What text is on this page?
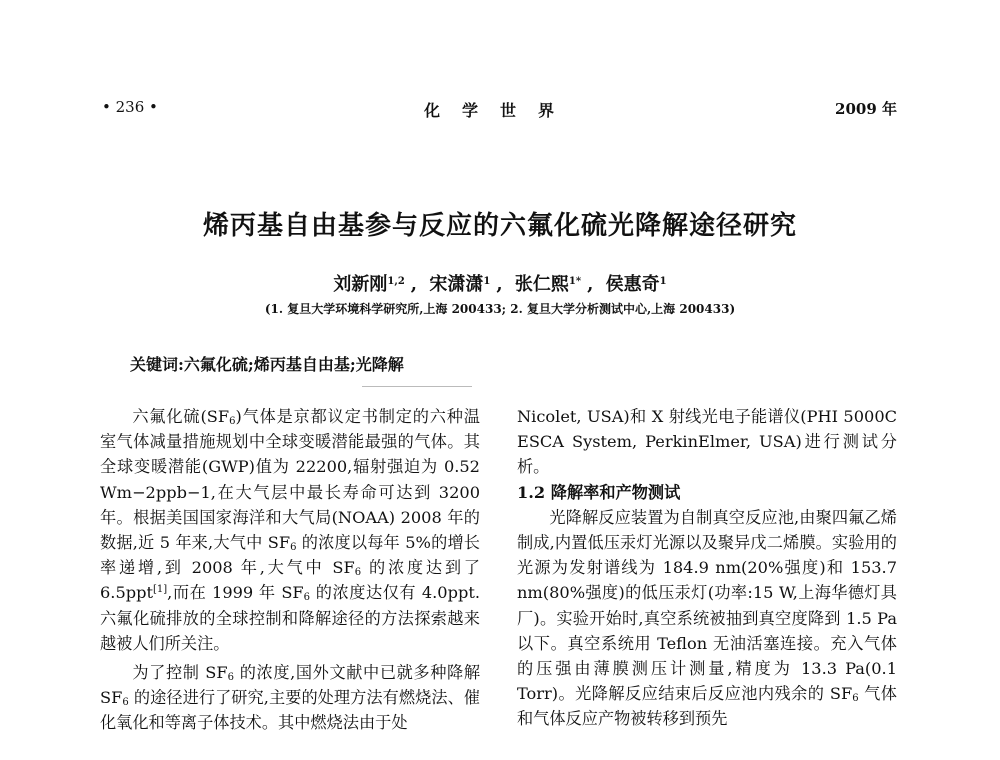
• 236 •	化学世界	2009 年
烯丙基自由基参与反应的六氟化硫光降解途径研究
刘新刚$^{1,2}$ , 宋潇潇$^1$ , 张仁熙$^{1*}$ , 侯惠奇$^1$
(1. 复旦大学环境科学研究所,上海 200433; 2. 复旦大学分析测试中心,上海 200433)
关键词:六氟化硫;烯丙基自由基;光降解

六氟化硫$(SF_6)$气体是京都议定书制定的六种温室气体减量措施规划中全球变暖潜能最强的气体。其全球变暖潜能(GWP)值为 22200,辐射强迫为 0.52 Wm−2ppb−1,在大气层中最长寿命可达到 3200 年。根据美国国家海洋和大气局(NOAA) 2008 年的数据,近 5 年来,大气中 $SF_6$ 的浓度以每年 5%的增长率递增,到 2008 年,大气中 $SF_6$ 的浓度达到了 6.5ppt[1],而在 1999 年 $SF_6$ 的浓度达仅有 4.0ppt. 六氟化硫排放的全球控制和降解途径的方法探索越来越被人们所关注。

为了控制 $SF_6$ 的浓度,国外文献中已就多种降解 $SF_6$ 的途径进行了研究,主要的处理方法有燃烧法、催化氧化和等离子体技术。其中燃烧法由于处

Nicolet, USA)和 X 射线光电子能谱仪(PHI 5000C ESCA System, PerkinElmer, USA)进行测试分析。

1.2 降解率和产物测试

光降解反应装置为自制真空反应池,由聚四氟乙烯制成,内置低压汞灯光源以及聚异戊二烯膜。实验用的光源为发射谱线为 184.9 nm(20%强度)和 153.7 nm(80%强度)的低压汞灯(功率:15 W,上海华德灯具厂)。实验开始时,真空系统被抽到真空度降到 1.5 Pa 以下。真空系统用 Teflon 无油活塞连接。充入气体的压强由薄膜测压计测量,精度为 13.3 Pa(0.1 Torr)。光降解反应结束后反应池内残余的 $SF_6$ 气体和气体反应产物被转移到预先
